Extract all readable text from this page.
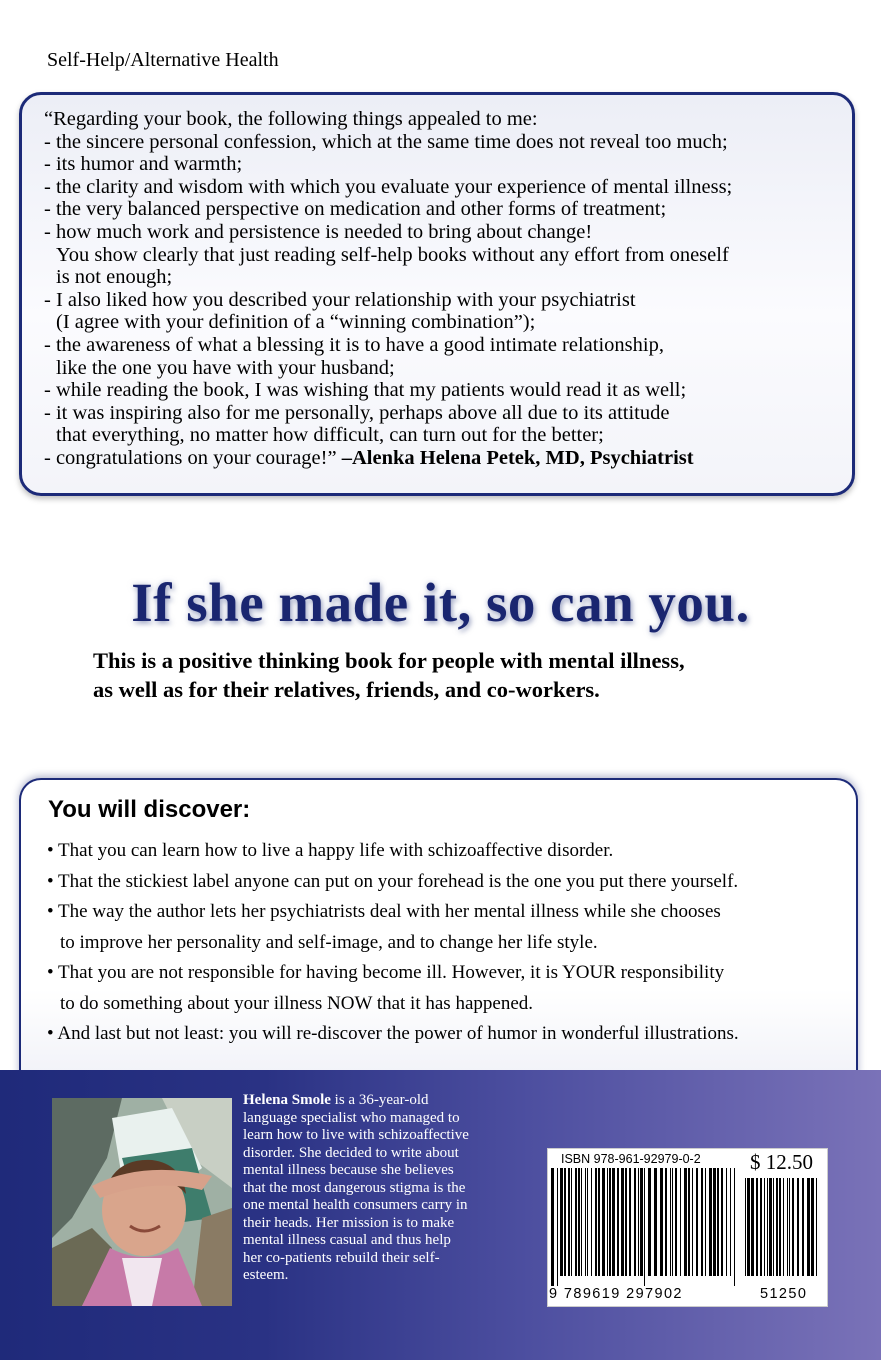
Self-Help/Alternative Health
“Regarding your book, the following things appealed to me:
- the sincere personal confession, which at the same time does not reveal too much;
- its humor and warmth;
- the clarity and wisdom with which you evaluate your experience of mental illness;
- the very balanced perspective on medication and other forms of treatment;
- how much work and persistence is needed to bring about change!
You show clearly that just reading self-help books without any effort from oneself
is not enough;
- I also liked how you described your relationship with your psychiatrist
(I agree with your definition of a “winning combination”);
- the awareness of what a blessing it is to have a good intimate relationship,
like the one you have with your husband;
- while reading the book, I was wishing that my patients would read it as well;
- it was inspiring also for me personally, perhaps above all due to its attitude
that everything, no matter how difficult, can turn out for the better;
- congratulations on your courage!” –Alenka Helena Petek, MD, Psychiatrist
If she made it, so can you.
This is a positive thinking book for people with mental illness,
as well as for their relatives, friends, and co-workers.
You will discover:
• That you can learn how to live a happy life with schizoaffective disorder.
• That the stickiest label anyone can put on your forehead is the one you put there yourself.
• The way the author lets her psychiatrists deal with her mental illness while she chooses
to improve her personality and self-image, and to change her life style.
• That you are not responsible for having become ill. However, it is YOUR responsibility
to do something about your illness NOW that it has happened.
• And last but not least: you will re-discover the power of humor in wonderful illustrations.
Helena Smole is a 36-year-old
language specialist who managed to
learn how to live with schizoaffective
disorder. She decided to write about
mental illness because she believes
that the most dangerous stigma is the
one mental health consumers carry in
their heads. Her mission is to make
mental illness casual and thus help
her co-patients rebuild their self-
esteem.
ISBN 978-961-92979-0-2 $ 12.50
9 789619 297902	51250
